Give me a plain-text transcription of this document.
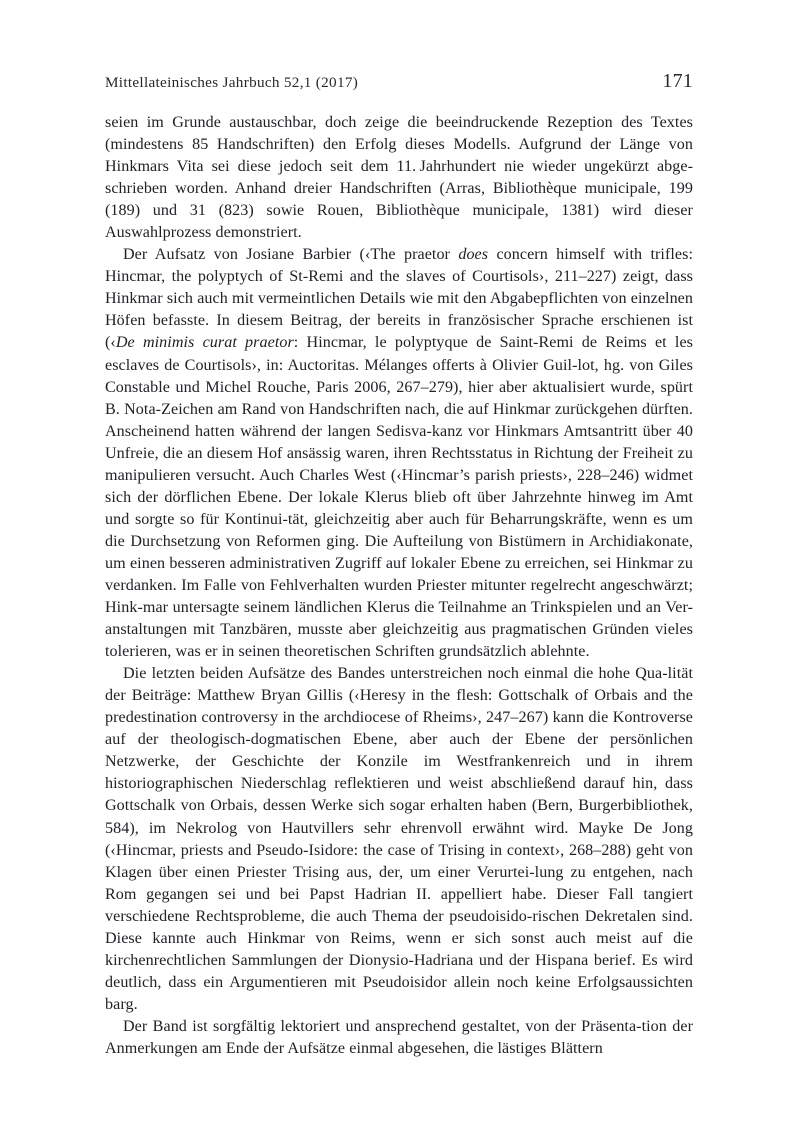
Mittellateinisches Jahrbuch 52,1 (2017)	171

seien im Grunde austauschbar, doch zeige die beeindruckende Rezeption des Textes (mindestens 85 Handschriften) den Erfolg dieses Modells. Aufgrund der Länge von Hinkmars Vita sei diese jedoch seit dem 11. Jahrhundert nie wieder ungekürzt abge-schrieben worden. Anhand dreier Handschriften (Arras, Bibliothèque municipale, 199 (189) und 31 (823) sowie Rouen, Bibliothèque municipale, 1381) wird dieser Auswahlprozess demonstriert.

Der Aufsatz von Josiane Barbier (‹The praetor does concern himself with trifles: Hincmar, the polyptych of St-Remi and the slaves of Courtisols›, 211–227) zeigt, dass Hinkmar sich auch mit vermeintlichen Details wie mit den Abgabepflichten von einzelnen Höfen befasste. In diesem Beitrag, der bereits in französischer Sprache erschienen ist (‹De minimis curat praetor: Hincmar, le polyptyque de Saint-Remi de Reims et les esclaves de Courtisols›, in: Auctoritas. Mélanges offerts à Olivier Guil-lot, hg. von Giles Constable und Michel Rouche, Paris 2006, 267–279), hier aber aktualisiert wurde, spürt B. Nota-Zeichen am Rand von Handschriften nach, die auf Hinkmar zurückgehen dürften. Anscheinend hatten während der langen Sedisva-kanz vor Hinkmars Amtsantritt über 40 Unfreie, die an diesem Hof ansässig waren, ihren Rechtsstatus in Richtung der Freiheit zu manipulieren versucht. Auch Charles West (‹Hincmar’s parish priests›, 228–246) widmet sich der dörflichen Ebene. Der lokale Klerus blieb oft über Jahrzehnte hinweg im Amt und sorgte so für Kontinui-tät, gleichzeitig aber auch für Beharrungskräfte, wenn es um die Durchsetzung von Reformen ging. Die Aufteilung von Bistümern in Archidiakonate, um einen besseren administrativen Zugriff auf lokaler Ebene zu erreichen, sei Hinkmar zu verdanken. Im Falle von Fehlverhalten wurden Priester mitunter regelrecht angeschwärzt; Hink-mar untersagte seinem ländlichen Klerus die Teilnahme an Trinkspielen und an Ver-anstaltungen mit Tanzbären, musste aber gleichzeitig aus pragmatischen Gründen vieles tolerieren, was er in seinen theoretischen Schriften grundsätzlich ablehnte.

Die letzten beiden Aufsätze des Bandes unterstreichen noch einmal die hohe Qua-lität der Beiträge: Matthew Bryan Gillis (‹Heresy in the flesh: Gottschalk of Orbais and the predestination controversy in the archdiocese of Rheims›, 247–267) kann die Kontroverse auf der theologisch-dogmatischen Ebene, aber auch der Ebene der persönlichen Netzwerke, der Geschichte der Konzile im Westfrankenreich und in ihrem historiographischen Niederschlag reflektieren und weist abschließend darauf hin, dass Gottschalk von Orbais, dessen Werke sich sogar erhalten haben (Bern, Burgerbibliothek, 584), im Nekrolog von Hautvillers sehr ehrenvoll erwähnt wird. Mayke De Jong (‹Hincmar, priests and Pseudo-Isidore: the case of Trising in context›, 268–288) geht von Klagen über einen Priester Trising aus, der, um einer Verurtei-lung zu entgehen, nach Rom gegangen sei und bei Papst Hadrian II. appelliert habe. Dieser Fall tangiert verschiedene Rechtsprobleme, die auch Thema der pseudoisido-rischen Dekretalen sind. Diese kannte auch Hinkmar von Reims, wenn er sich sonst auch meist auf die kirchenrechtlichen Sammlungen der Dionysio-Hadriana und der Hispana berief. Es wird deutlich, dass ein Argumentieren mit Pseudoisidor allein noch keine Erfolgsaussichten barg.

Der Band ist sorgfältig lektoriert und ansprechend gestaltet, von der Präsenta-tion der Anmerkungen am Ende der Aufsätze einmal abgesehen, die lästiges Blättern
